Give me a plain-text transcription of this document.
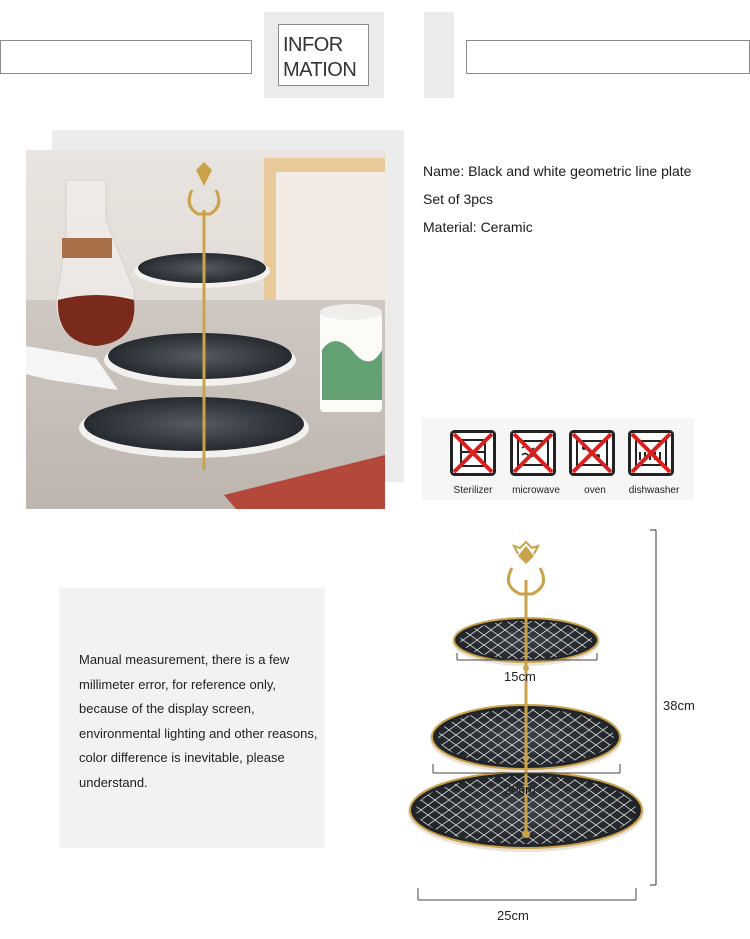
INFOR
MATION
Name: Black and white geometric line plate
Set of 3pcs
Material: Ceramic
Sterilizer	microwave	oven	dishwasher
Manual measurement, there is a few millimeter error, for reference only, because of the display screen, environmental lighting and other reasons, color difference is inevitable, please understand.
15cm
20cm
25cm
38cm
